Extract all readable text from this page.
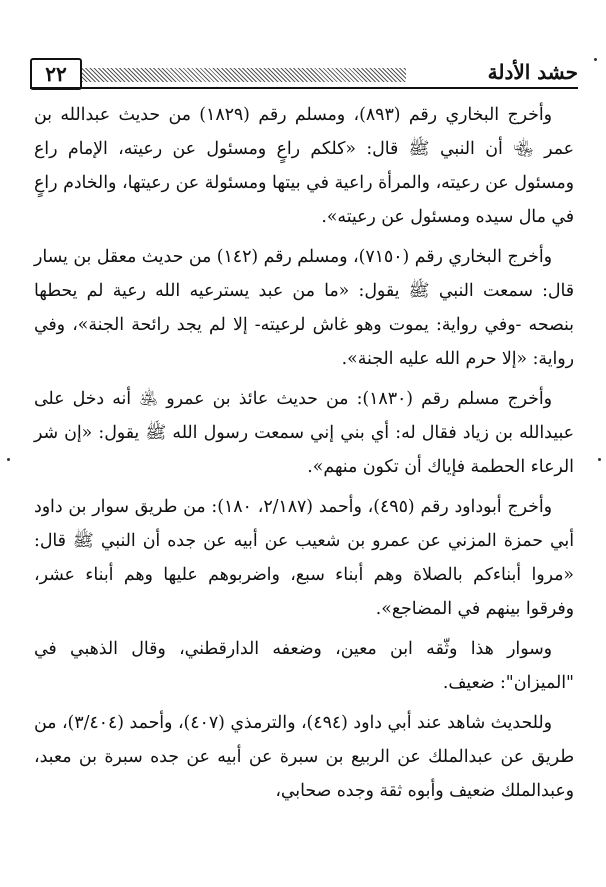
٢٢	حشد الأدلة

وأخرج البخاري رقم (٨٩٣)، ومسلم رقم (١٨٢٩) من حديث عبدالله بن عمر ﵄ أن النبي ﷺ قال: «كلكم راعٍ ومسئول عن رعيته، الإمام راع ومسئول عن رعيته، والمرأة راعية في بيتها ومسئولة عن رعيتها، والخادم راعٍ في مال سيده ومسئول عن رعيته».

وأخرج البخاري رقم (٧١٥٠)، ومسلم رقم (١٤٢) من حديث معقل بن يسار قال: سمعت النبي ﷺ يقول: «ما من عبد يسترعيه الله رعية لم يحطها بنصحه -وفي رواية: يموت وهو غاش لرعيته- إلا لم يجد رائحة الجنة»، وفي رواية: «إلا حرم الله عليه الجنة».

وأخرج مسلم رقم (١٨٣٠): من حديث عائذ بن عمرو ﵁ أنه دخل على عبيدالله بن زياد فقال له: أي بني إني سمعت رسول الله ﷺ يقول: «إن شر الرعاء الحطمة فإياك أن تكون منهم».

وأخرج أبوداود رقم (٤٩٥)، وأحمد (٢/١٨٧، ١٨٠): من طريق سوار بن داود أبي حمزة المزني عن عمرو بن شعيب عن أبيه عن جده أن النبي ﷺ قال: «مروا أبناءكم بالصلاة وهم أبناء سبع، واضربوهم عليها وهم أبناء عشر، وفرقوا بينهم في المضاجع».

وسوار هذا وثّقه ابن معين، وضعفه الدارقطني، وقال الذهبي في "الميزان": ضعيف.

وللحديث شاهد عند أبي داود (٤٩٤)، والترمذي (٤٠٧)، وأحمد (٣/٤٠٤)، من طريق عن عبدالملك عن الربيع بن سبرة عن أبيه عن جده سبرة بن معبد، وعبدالملك ضعيف وأبوه ثقة وجده صحابي،
